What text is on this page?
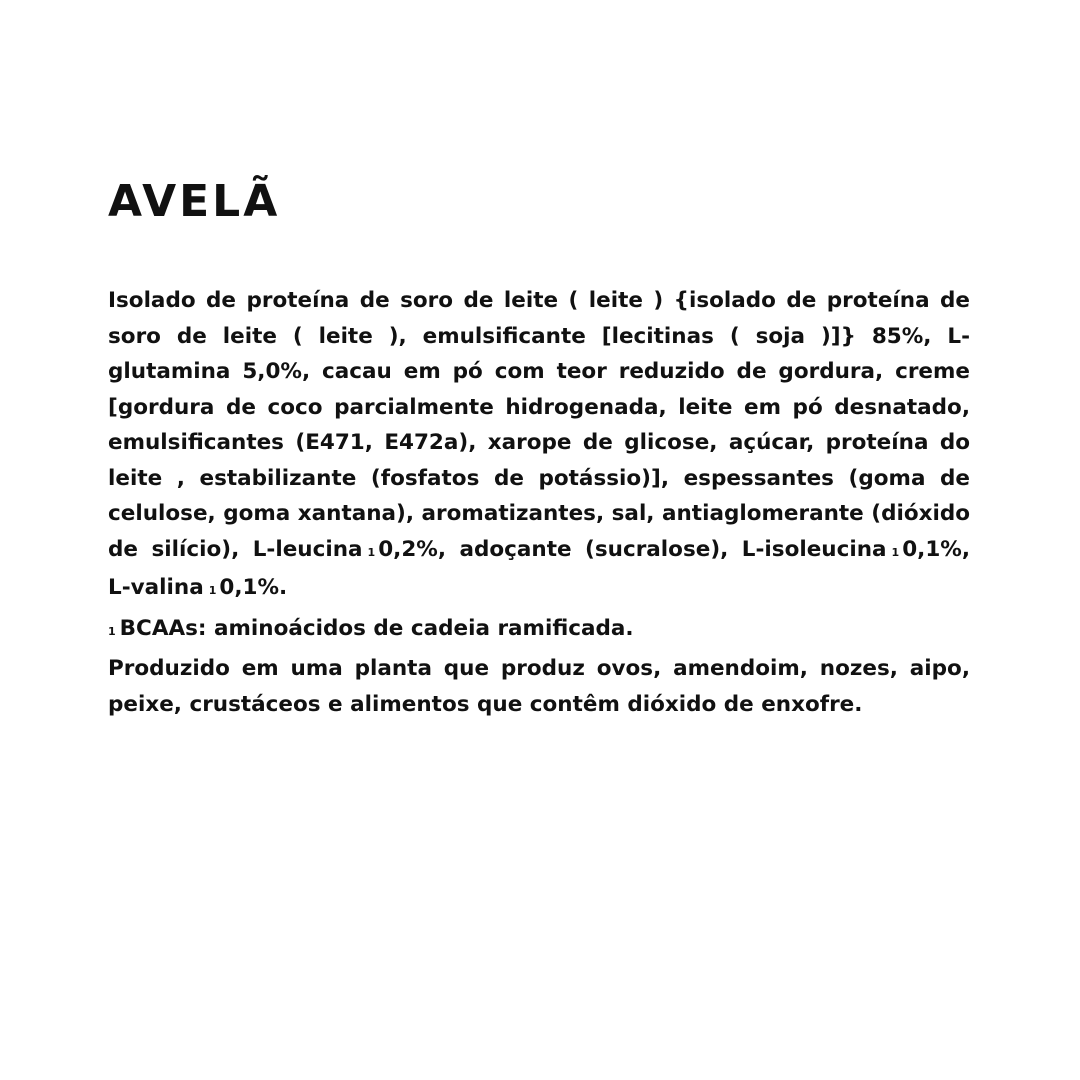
AVELÃ

Isolado de proteína de soro de leite ( leite ) {isolado de proteína de soro de leite ( leite ), emulsificante [lecitinas ( soja )]} 85%, L-glutamina 5,0%, cacau em pó com teor reduzido de gordura, creme [gordura de coco parcialmente hidrogenada, leite em pó desnatado, emulsificantes (E471, E472a), xarope de glicose, açúcar, proteína do leite , estabilizante (fosfatos de potássio)], espessantes (goma de celulose, goma xantana), aromatizantes, sal, antiaglomerante (dióxido de silício), L-leucina 1 0,2%, adoçante (sucralose), L-isoleucina 1 0,1%, L-valina 1 0,1%.

1 BCAAs: aminoácidos de cadeia ramificada.

Produzido em uma planta que produz ovos, amendoim, nozes, aipo, peixe, crustáceos e alimentos que contêm dióxido de enxofre.
